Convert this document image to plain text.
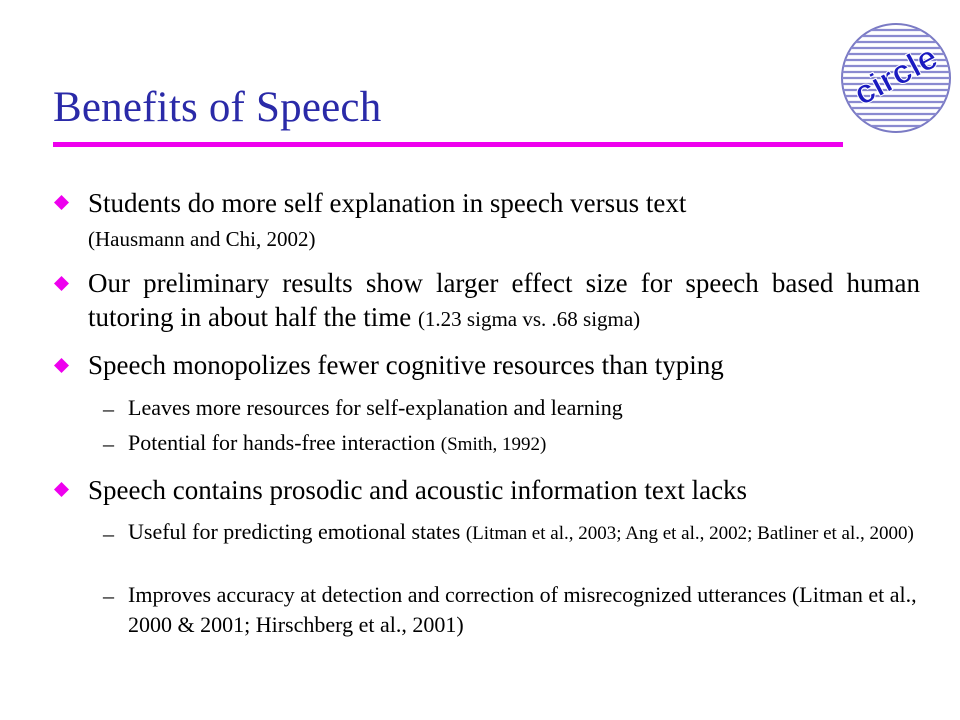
circle
Benefits of Speech
Students do more self explanation in speech versus text
(Hausmann and Chi, 2002)
Our preliminary results show larger effect size for speech based human tutoring in about half the time (1.23 sigma vs. .68 sigma)
Speech monopolizes fewer cognitive resources than typing
– Leaves more resources for self-explanation and learning
– Potential for hands-free interaction (Smith, 1992)
Speech contains prosodic and acoustic information text lacks
– Useful for predicting emotional states (Litman et al., 2003; Ang et al., 2002; Batliner et al., 2000)
– Improves accuracy at detection and correction of misrecognized utterances (Litman et al., 2000 & 2001; Hirschberg et al., 2001)
